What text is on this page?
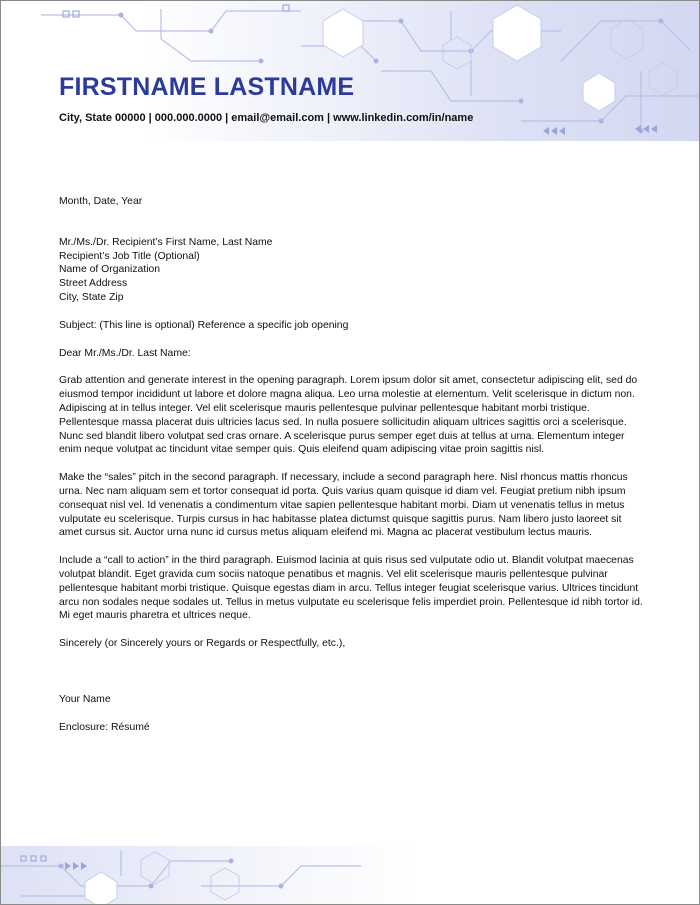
FIRSTNAME LASTNAME

City, State 00000 | 000.000.0000 | email@email.com | www.linkedin.com/in/name

Month, Date, Year

Mr./Ms./Dr. Recipient’s First Name, Last Name

Recipient’s Job Title (Optional)

Name of Organization

Street Address

City, State Zip

Subject: (This line is optional) Reference a specific job opening

Dear Mr./Ms./Dr. Last Name:

Grab attention and generate interest in the opening paragraph. Lorem ipsum dolor sit amet, consectetur adipiscing elit, sed do eiusmod tempor incididunt ut labore et dolore magna aliqua. Leo urna molestie at elementum. Velit scelerisque in dictum non. Adipiscing at in tellus integer. Vel elit scelerisque mauris pellentesque pulvinar pellentesque habitant morbi tristique. Pellentesque massa placerat duis ultricies lacus sed. In nulla posuere sollicitudin aliquam ultrices sagittis orci a scelerisque. Nunc sed blandit libero volutpat sed cras ornare. A scelerisque purus semper eget duis at tellus at urna. Elementum integer enim neque volutpat ac tincidunt vitae semper quis. Quis eleifend quam adipiscing vitae proin sagittis nisl.

Make the “sales” pitch in the second paragraph. If necessary, include a second paragraph here. Nisl rhoncus mattis rhoncus urna. Nec nam aliquam sem et tortor consequat id porta. Quis varius quam quisque id diam vel. Feugiat pretium nibh ipsum consequat nisl vel. Id venenatis a condimentum vitae sapien pellentesque habitant morbi. Diam ut venenatis tellus in metus vulputate eu scelerisque. Turpis cursus in hac habitasse platea dictumst quisque sagittis purus. Nam libero justo laoreet sit amet cursus sit. Auctor urna nunc id cursus metus aliquam eleifend mi. Magna ac placerat vestibulum lectus mauris.

Include a “call to action” in the third paragraph. Euismod lacinia at quis risus sed vulputate odio ut. Blandit volutpat maecenas volutpat blandit. Eget gravida cum sociis natoque penatibus et magnis. Vel elit scelerisque mauris pellentesque pulvinar pellentesque habitant morbi tristique. Quisque egestas diam in arcu. Tellus integer feugiat scelerisque varius. Ultrices tincidunt arcu non sodales neque sodales ut. Tellus in metus vulputate eu scelerisque felis imperdiet proin. Pellentesque id nibh tortor id. Mi eget mauris pharetra et ultrices neque.

Sincerely (or Sincerely yours or Regards or Respectfully, etc.),

Your Name

Enclosure: Résumé
